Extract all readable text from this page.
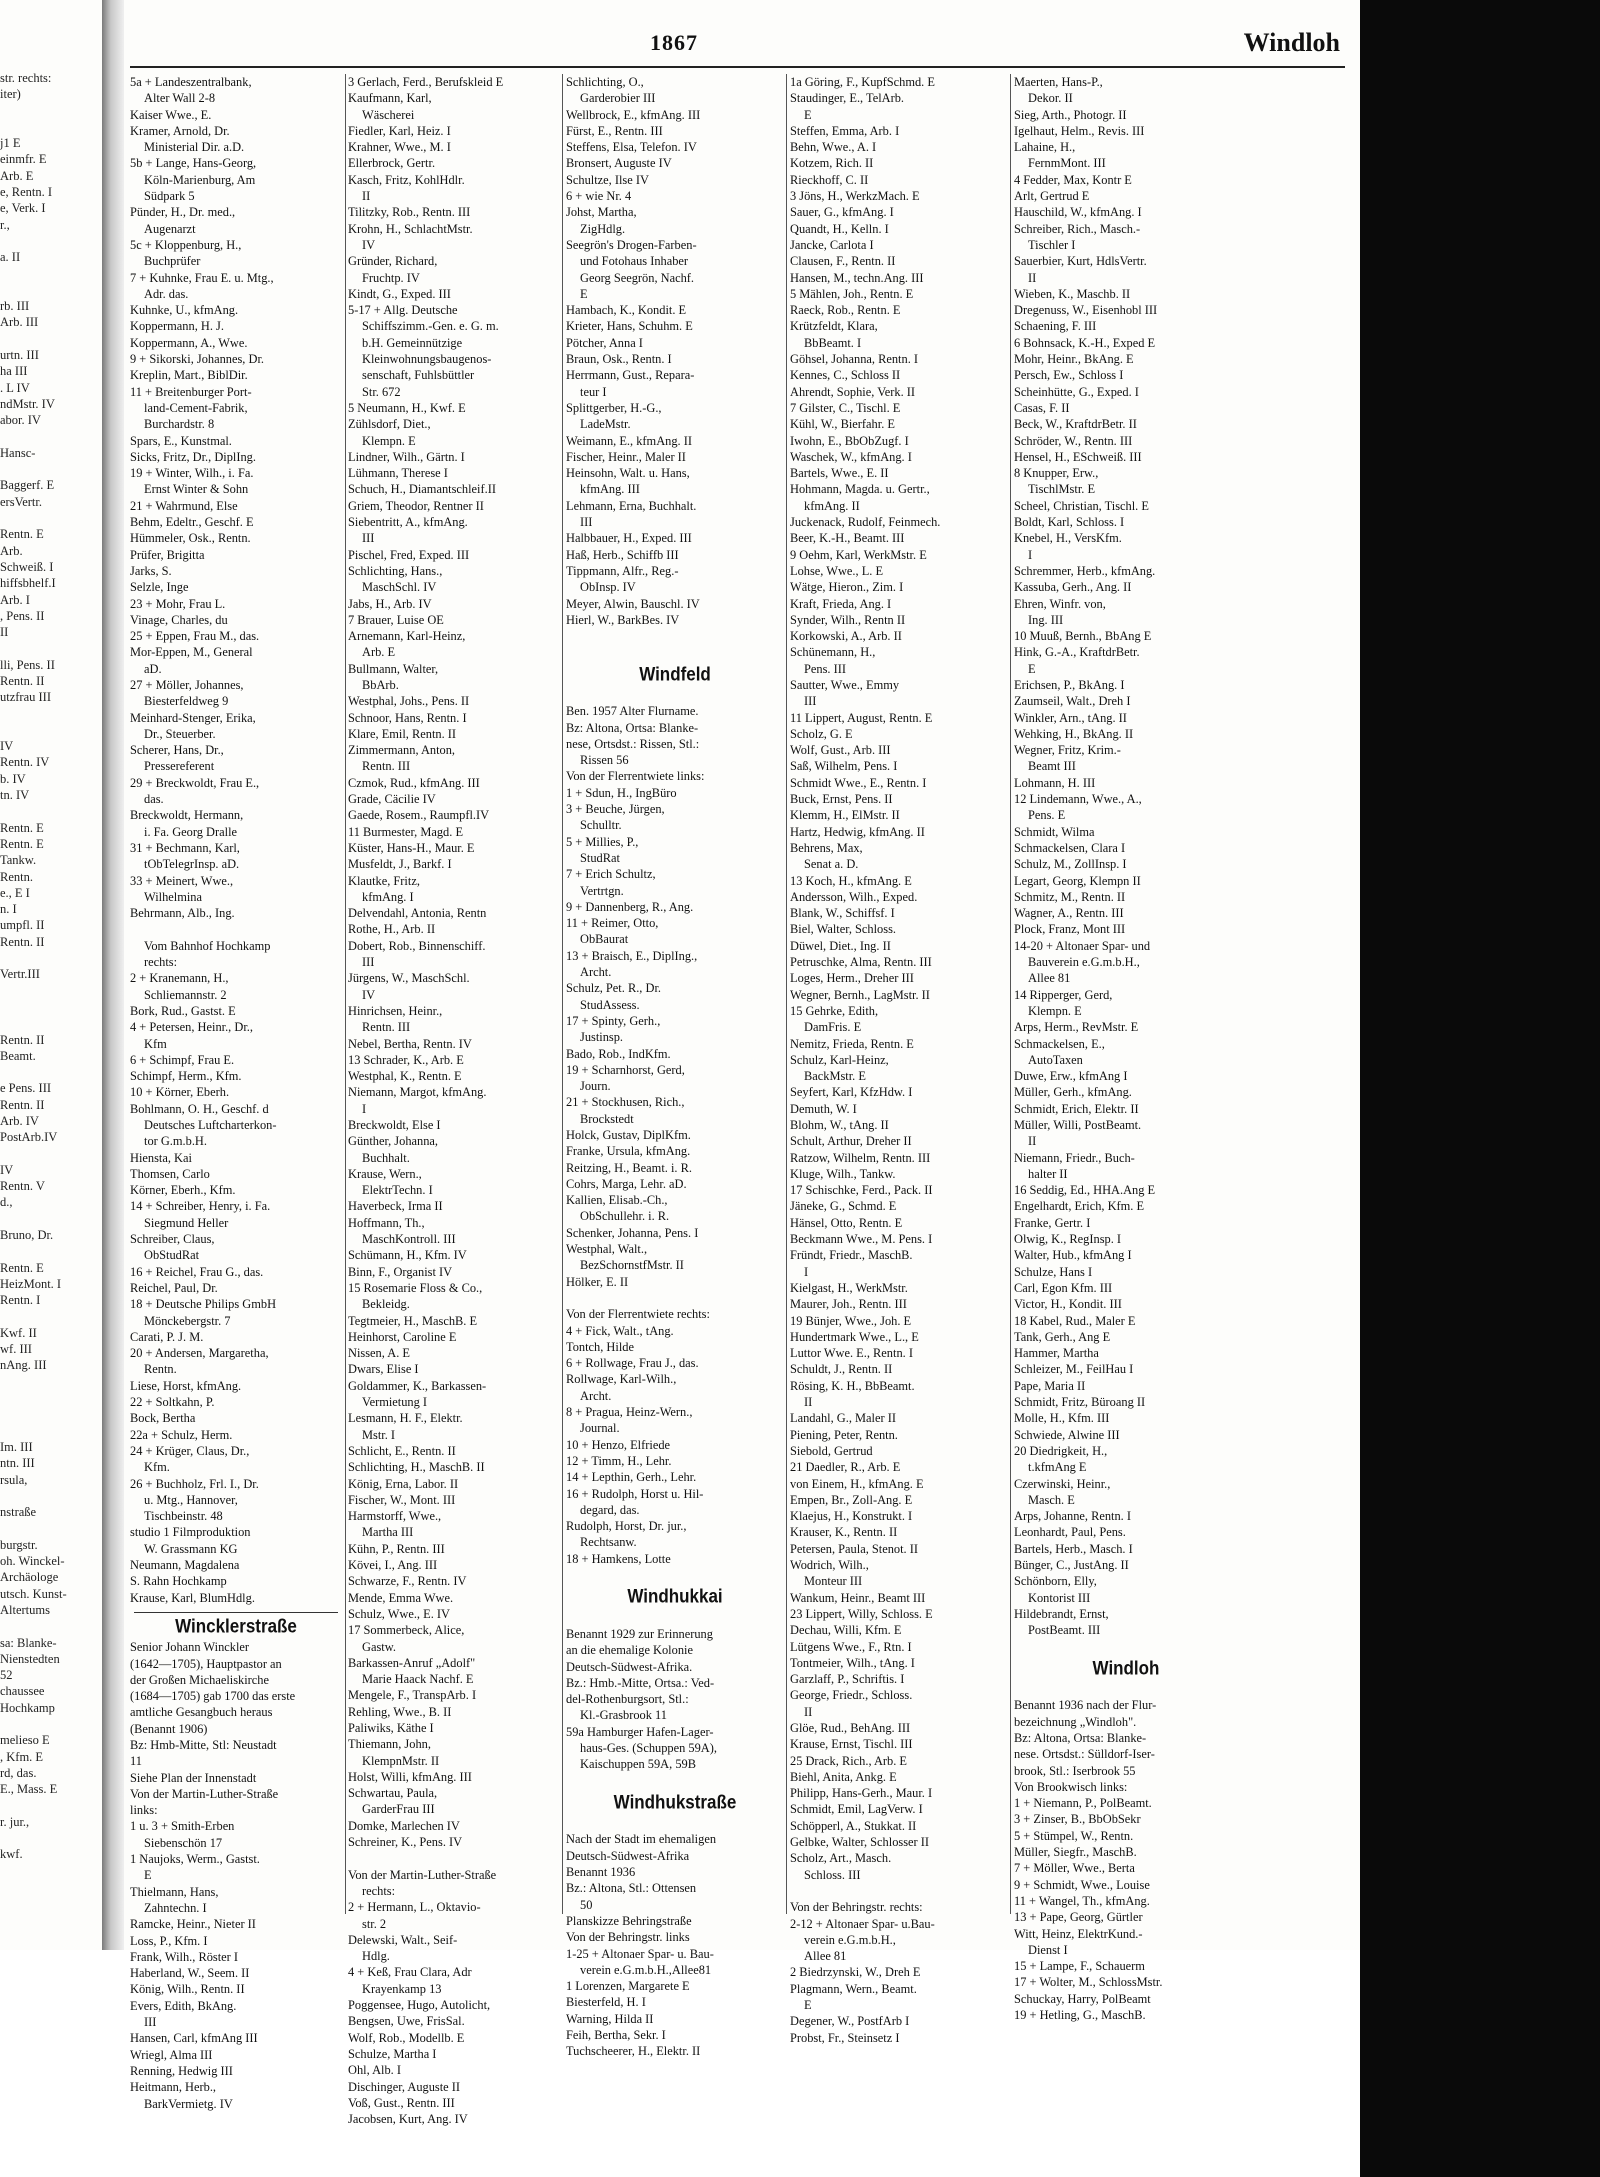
str. rechts:
iter)

j1 E
einmfr. E
Arb. E
e, Rentn. I
e, Verk. I
r.,

a. II

rb. III
Arb. III

urtn. III
ha III
. L IV
ndMstr. IV
abor. IV

Hansc-

Baggerf. E
ersVertr.

Rentn. E
Arb.
Schweiß. I
hiffsbhelf.I
Arb. I
, Pens. II
II

lli, Pens. II
Rentn. II
utzfrau III

IV
Rentn. IV
b. IV
tn. IV

Rentn. E
Rentn. E
Tankw.
Rentn.
e., E I
n. I
umpfl. II
Rentn. II

Vertr.III

Rentn. II
Beamt.

e Pens. III
Rentn. II
Arb. IV
PostArb.IV

IV
Rentn. V
d.,

Bruno, Dr.

Rentn. E
HeizMont. I
Rentn. I

Kwf. II
wf. III
nAng. III

Im. III
ntn. III
rsula,

nstraße

burgstr.
oh. Winckel-
Archäologe
utsch. Kunst-
Altertums

sa: Blanke-
Nienstedten
52
chaussee
Hochkamp

melieso E
, Kfm. E
rd, das.
E., Mass. E

r. jur.,

kwf.
1867	Windloh
5a + Landeszentralbank,
Alter Wall 2-8
Kaiser Wwe., E.
Kramer, Arnold, Dr.
Ministerial Dir. a.D.
5b + Lange, Hans-Georg,
Köln-Marienburg, Am
Südpark 5
Pünder, H., Dr. med.,
Augenarzt
5c + Kloppenburg, H.,
Buchprüfer
7 + Kuhnke, Frau E. u. Mtg.,
Adr. das.
Kuhnke, U., kfmAng.
Koppermann, H. J.
Koppermann, A., Wwe.
9 + Sikorski, Johannes, Dr.
Kreplin, Mart., BiblDir.
11 + Breitenburger Port-
land-Cement-Fabrik,
Burchardstr. 8
Spars, E., Kunstmal.
Sicks, Fritz, Dr., DiplIng.
19 + Winter, Wilh., i. Fa.
Ernst Winter & Sohn
21 + Wahrmund, Else
Behm, Edeltr., Geschf. E
Hümmeler, Osk., Rentn.
Prüfer, Brigitta
Jarks, S.
Selzle, Inge
23 + Mohr, Frau L.
Vinage, Charles, du
25 + Eppen, Frau M., das.
Mor-Eppen, M., General
aD.
27 + Möller, Johannes,
Biesterfeldweg 9
Meinhard-Stenger, Erika,
Dr., Steuerber.
Scherer, Hans, Dr.,
Pressereferent
29 + Breckwoldt, Frau E.,
das.
Breckwoldt, Hermann,
i. Fa. Georg Dralle
31 + Bechmann, Karl,
tObTelegrInsp. aD.
33 + Meinert, Wwe.,
Wilhelmina
Behrmann, Alb., Ing.

Vom Bahnhof Hochkamp
rechts:
2 + Kranemann, H.,
Schliemannstr. 2
Bork, Rud., Gastst. E
4 + Petersen, Heinr., Dr.,
Kfm
6 + Schimpf, Frau E.
Schimpf, Herm., Kfm.
10 + Körner, Eberh.
Bohlmann, O. H., Geschf. d
Deutsches Luftcharterkon-
tor G.m.b.H.
Hiensta, Kai
Thomsen, Carlo
Körner, Eberh., Kfm.
14 + Schreiber, Henry, i. Fa.
Siegmund Heller
Schreiber, Claus,
ObStudRat
16 + Reichel, Frau G., das.
Reichel, Paul, Dr.
18 + Deutsche Philips GmbH
Mönckebergstr. 7
Carati, P. J. M.
20 + Andersen, Margaretha,
Rentn.
Liese, Horst, kfmAng.
22 + Soltkahn, P.
Bock, Bertha
22a + Schulz, Herm.
24 + Krüger, Claus, Dr.,
Kfm.
26 + Buchholz, Frl. I., Dr.
u. Mtg., Hannover,
Tischbeinstr. 48
studio 1 Filmproduktion
W. Grassmann KG
Neumann, Magdalena
S. Rahn Hochkamp
Krause, Karl, BlumHdlg.
Wincklerstraße
Senior Johann Winckler
(1642—1705), Hauptpastor an
der Großen Michaeliskirche
(1684—1705) gab 1700 das erste
amtliche Gesangbuch heraus
(Benannt 1906)
Bz: Hmb-Mitte, Stl: Neustadt
11
Siehe Plan der Innenstadt
Von der Martin-Luther-Straße
links:
1 u. 3 + Smith-Erben
Siebenschön 17
1 Naujoks, Werm., Gastst.
E
Thielmann, Hans,
Zahntechn. I
Ramcke, Heinr., Nieter II
Loss, P., Kfm. I
Frank, Wilh., Röster I
Haberland, W., Seem. II
König, Wilh., Rentn. II
Evers, Edith, BkAng.
III
Hansen, Carl, kfmAng III
Wriegl, Alma III
Renning, Hedwig III
Heitmann, Herb.,
BarkVermietg. IV
3 Gerlach, Ferd., Berufskleid E
Kaufmann, Karl,
Wäscherei
Fiedler, Karl, Heiz. I
Krahner, Wwe., M. I
Ellerbrock, Gertr.
Kasch, Fritz, KohlHdlr.
II
Tilitzky, Rob., Rentn. III
Krohn, H., SchlachtMstr.
IV
Gründer, Richard,
Fruchtp. IV
Kindt, G., Exped. III
5-17 + Allg. Deutsche
Schiffszimm.-Gen. e. G. m.
b.H. Gemeinnützige
Kleinwohnungsbaugenos-
senschaft, Fuhlsbüttler
Str. 672
5 Neumann, H., Kwf. E
Zühlsdorf, Diet.,
Klempn. E
Lindner, Wilh., Gärtn. I
Lühmann, Therese I
Schuch, H., Diamantschleif.II
Griem, Theodor, Rentner II
Siebentritt, A., kfmAng.
III
Pischel, Fred, Exped. III
Schlichting, Hans.,
MaschSchl. IV
Jabs, H., Arb. IV
7 Brauer, Luise OE
Arnemann, Karl-Heinz,
Arb. E
Bullmann, Walter,
BbArb.
Westphal, Johs., Pens. II
Schnoor, Hans, Rentn. I
Klare, Emil, Rentn. II
Zimmermann, Anton,
Rentn. III
Czmok, Rud., kfmAng. III
Grade, Cäcilie IV
Gaede, Rosem., Raumpfl.IV
11 Burmester, Magd. E
Küster, Hans-H., Maur. E
Musfeldt, J., Barkf. I
Klautke, Fritz,
kfmAng. I
Delvendahl, Antonia, Rentn
Rothe, H., Arb. II
Dobert, Rob., Binnenschiff.
III
Jürgens, W., MaschSchl.
IV
Hinrichsen, Heinr.,
Rentn. III
Nebel, Bertha, Rentn. IV
13 Schrader, K., Arb. E
Westphal, K., Rentn. E
Niemann, Margot, kfmAng.
I
Breckwoldt, Else I
Günther, Johanna,
Buchhalt.
Krause, Wern.,
ElektrTechn. I
Haverbeck, Irma II
Hoffmann, Th.,
MaschKontroll. III
Schümann, H., Kfm. IV
Binn, F., Organist IV
15 Rosemarie Floss & Co.,
Bekleidg.
Tegtmeier, H., MaschB. E
Heinhorst, Caroline E
Nissen, A. E
Dwars, Elise I
Goldammer, K., Barkassen-
Vermietung I
Lesmann, H. F., Elektr.
Mstr. I
Schlicht, E., Rentn. II
Schlichting, H., MaschB. II
König, Erna, Labor. II
Fischer, W., Mont. III
Harmstorff, Wwe.,
Martha III
Kühn, P., Rentn. III
Kövei, I., Ang. III
Schwarze, F., Rentn. IV
Mende, Emma Wwe.
Schulz, Wwe., E. IV
17 Sommerbeck, Alice,
Gastw.
Barkassen-Anruf „Adolf"
Marie Haack Nachf. E
Mengele, F., TranspArb. I
Rehling, Wwe., B. II
Paliwiks, Käthe I
Thiemann, John,
KlempnMstr. II
Holst, Willi, kfmAng. III
Schwartau, Paula,
GarderFrau III
Domke, Marlechen IV
Schreiner, K., Pens. IV

Von der Martin-Luther-Straße
rechts:
2 + Hermann, L., Oktavio-
str. 2
Delewski, Walt., Seif-
Hdlg.
4 + Keß, Frau Clara, Adr
Krayenkamp 13
Poggensee, Hugo, Autolicht,
Bengsen, Uwe, FrisSal.
Wolf, Rob., Modellb. E
Schulze, Martha I
Ohl, Alb. I
Dischinger, Auguste II
Voß, Gust., Rentn. III
Jacobsen, Kurt, Ang. IV
Schlichting, O.,
Garderobier III
Wellbrock, E., kfmAng. III
Fürst, E., Rentn. III
Steffens, Elsa, Telefon. IV
Bronsert, Auguste IV
Schultze, Ilse IV
6 + wie Nr. 4
Johst, Martha,
ZigHdlg.
Seegrön's Drogen-Farben-
und Fotohaus Inhaber
Georg Seegrön, Nachf.
E
Hambach, K., Kondit. E
Krieter, Hans, Schuhm. E
Pötcher, Anna I
Braun, Osk., Rentn. I
Herrmann, Gust., Repara-
teur I
Splittgerber, H.-G.,
LadeMstr.
Weimann, E., kfmAng. II
Fischer, Heinr., Maler II
Heinsohn, Walt. u. Hans,
kfmAng. III
Lehmann, Erna, Buchhalt.
III
Halbbauer, H., Exped. III
Haß, Herb., Schiffb III
Tippmann, Alfr., Reg.-
ObInsp. IV
Meyer, Alwin, Bauschl. IV
Hierl, W., BarkBes. IV

Windfeld

Ben. 1957 Alter Flurname.
Bz: Altona, Ortsa: Blanke-
nese, Ortsdst.: Rissen, Stl.:
Rissen 56
Von der Flerrentwiete links:
1 + Sdun, H., IngBüro
3 + Beuche, Jürgen,
Schulltr.
5 + Millies, P.,
StudRat
7 + Erich Schultz,
Vertrtgn.
9 + Dannenberg, R., Ang.
11 + Reimer, Otto,
ObBaurat
13 + Braisch, E., DiplIng.,
Archt.
Schulz, Pet. R., Dr.
StudAssess.
17 + Spinty, Gerh.,
Justinsp.
Bado, Rob., IndKfm.
19 + Scharnhorst, Gerd,
Journ.
21 + Stockhusen, Rich.,
Brockstedt
Holck, Gustav, DiplKfm.
Franke, Ursula, kfmAng.
Reitzing, H., Beamt. i. R.
Cohrs, Marga, Lehr. aD.
Kallien, Elisab.-Ch.,
ObSchullehr. i. R.
Schenker, Johanna, Pens. I
Westphal, Walt.,
BezSchornstfMstr. II
Hölker, E. II

Von der Flerrentwiete rechts:
4 + Fick, Walt., tAng.
Tontch, Hilde
6 + Rollwage, Frau J., das.
Rollwage, Karl-Wilh.,
Archt.
8 + Pragua, Heinz-Wern.,
Journal.
10 + Henzo, Elfriede
12 + Timm, H., Lehr.
14 + Lepthin, Gerh., Lehr.
16 + Rudolph, Horst u. Hil-
degard, das.
Rudolph, Horst, Dr. jur.,
Rechtsanw.
18 + Hamkens, Lotte

Windhukkai

Benannt 1929 zur Erinnerung
an die ehemalige Kolonie
Deutsch-Südwest-Afrika.
Bz.: Hmb.-Mitte, Ortsa.: Ved-
del-Rothenburgsort, Stl.:
Kl.-Grasbrook 11
59a Hamburger Hafen-Lager-
haus-Ges. (Schuppen 59A),
Kaischuppen 59A, 59B

Windhukstraße

Nach der Stadt im ehemaligen
Deutsch-Südwest-Afrika
Benannt 1936
Bz.: Altona, Stl.: Ottensen
50
Planskizze Behringstraße
Von der Behringstr. links
1-25 + Altonaer Spar- u. Bau-
verein e.G.m.b.H.,Allee81
1 Lorenzen, Margarete E
Biesterfeld, H. I
Warning, Hilda II
Feih, Bertha, Sekr. I
Tuchscheerer, H., Elektr. II
1a Göring, F., KupfSchmd. E
Staudinger, E., TelArb.
E
Steffen, Emma, Arb. I
Behn, Wwe., A. I
Kotzem, Rich. II
Rieckhoff, C. II
3 Jöns, H., WerkzMach. E
Sauer, G., kfmAng. I
Quandt, H., Kelln. I
Jancke, Carlota I
Clausen, F., Rentn. II
Hansen, M., techn.Ang. III
5 Mählen, Joh., Rentn. E
Raeck, Rob., Rentn. E
Krützfeldt, Klara,
BbBeamt. I
Göhsel, Johanna, Rentn. I
Kennes, C., Schloss II
Ahrendt, Sophie, Verk. II
7 Gilster, C., Tischl. E
Kühl, W., Bierfahr. E
Iwohn, E., BbObZugf. I
Waschek, W., kfmAng. I
Bartels, Wwe., E. II
Hohmann, Magda. u. Gertr.,
kfmAng. II
Juckenack, Rudolf, Feinmech.
Beer, K.-H., Beamt. III
9 Oehm, Karl, WerkMstr. E
Lohse, Wwe., L. E
Wätge, Hieron., Zim. I
Kraft, Frieda, Ang. I
Synder, Wilh., Rentn II
Korkowski, A., Arb. II
Schünemann, H.,
Pens. III
Sautter, Wwe., Emmy
III
11 Lippert, August, Rentn. E
Scholz, G. E
Wolf, Gust., Arb. III
Saß, Wilhelm, Pens. I
Schmidt Wwe., E., Rentn. I
Buck, Ernst, Pens. II
Klemm, H., ElMstr. II
Hartz, Hedwig, kfmAng. II
Behrens, Max,
Senat a. D.
13 Koch, H., kfmAng. E
Andersson, Wilh., Exped.
Blank, W., Schiffsf. I
Biel, Walter, Schloss.
Düwel, Diet., Ing. II
Petruschke, Alma, Rentn. III
Loges, Herm., Dreher III
Wegner, Bernh., LagMstr. II
15 Gehrke, Edith,
DamFris. E
Nemitz, Frieda, Rentn. E
Schulz, Karl-Heinz,
BackMstr. E
Seyfert, Karl, KfzHdw. I
Demuth, W. I
Blohm, W., tAng. II
Schult, Arthur, Dreher II
Ratzow, Wilhelm, Rentn. III
Kluge, Wilh., Tankw.
17 Schischke, Ferd., Pack. II
Jäneke, G., Schmd. E
Hänsel, Otto, Rentn. E
Beckmann Wwe., M. Pens. I
Fründt, Friedr., MaschB.
I
Kielgast, H., WerkMstr.
Maurer, Joh., Rentn. III
19 Bünjer, Wwe., Joh. E
Hundertmark Wwe., L., E
Luttor Wwe. E., Rentn. I
Schuldt, J., Rentn. II
Rösing, K. H., BbBeamt.
II
Landahl, G., Maler II
Piening, Peter, Rentn.
Siebold, Gertrud
21 Daedler, R., Arb. E
von Einem, H., kfmAng. E
Empen, Br., Zoll-Ang. E
Klaejus, H., Konstrukt. I
Krauser, K., Rentn. II
Petersen, Paula, Stenot. II
Wodrich, Wilh.,
Monteur III
Wankum, Heinr., Beamt III
23 Lippert, Willy, Schloss. E
Dechau, Willi, Kfm. E
Lütgens Wwe., F., Rtn. I
Tontmeier, Wilh., tAng. I
Garzlaff, P., Schriftis. I
George, Friedr., Schloss.
II
Glöe, Rud., BehAng. III
Krause, Ernst, Tischl. III
25 Drack, Rich., Arb. E
Biehl, Anita, Ankg. E
Philipp, Hans-Gerh., Maur. I
Schmidt, Emil, LagVerw. I
Schöpperl, A., Stukkat. II
Gelbke, Walter, Schlosser II
Scholz, Art., Masch.
Schloss. III

Von der Behringstr. rechts:
2-12 + Altonaer Spar- u.Bau-
verein e.G.m.b.H.,
Allee 81
2 Biedrzynski, W., Dreh E
Plagmann, Wern., Beamt.
E
Degener, W., PostfArb I
Probst, Fr., Steinsetz I
Maerten, Hans-P.,
Dekor. II
Sieg, Arth., Photogr. II
Igelhaut, Helm., Revis. III
Lahaine, H.,
FernmMont. III
4 Fedder, Max, Kontr E
Arlt, Gertrud E
Hauschild, W., kfmAng. I
Schreiber, Rich., Masch.-
Tischler I
Sauerbier, Kurt, HdlsVertr.
II
Wieben, K., Maschb. II
Dregenuss, W., Eisenhobl III
Schaening, F. III
6 Bohnsack, K.-H., Exped E
Mohr, Heinr., BkAng. E
Persch, Ew., Schloss I
Scheinhütte, G., Exped. I
Casas, F. II
Beck, W., KraftdrBetr. II
Schröder, W., Rentn. III
Hensel, H., ESchweiß. III
8 Knupper, Erw.,
TischlMstr. E
Scheel, Christian, Tischl. E
Boldt, Karl, Schloss. I
Knebel, H., VersKfm.
I
Schremmer, Herb., kfmAng.
Kassuba, Gerh., Ang. II
Ehren, Winfr. von,
Ing. III
10 Muuß, Bernh., BbAng E
Hink, G.-A., KraftdrBetr.
E
Erichsen, P., BkAng. I
Zaumseil, Walt., Dreh I
Winkler, Arn., tAng. II
Wehking, H., BkAng. II
Wegner, Fritz, Krim.-
Beamt III
Lohmann, H. III
12 Lindemann, Wwe., A.,
Pens. E
Schmidt, Wilma
Schmackelsen, Clara I
Schulz, M., ZollInsp. I
Legart, Georg, Klempn II
Schmitz, M., Rentn. II
Wagner, A., Rentn. III
Plock, Franz, Mont III
14-20 + Altonaer Spar- und
Bauverein e.G.m.b.H.,
Allee 81
14 Ripperger, Gerd,
Klempn. E
Arps, Herm., RevMstr. E
Schmackelsen, E.,
AutoTaxen
Duwe, Erw., kfmAng I
Müller, Gerh., kfmAng.
Schmidt, Erich, Elektr. II
Müller, Willi, PostBeamt.
II
Niemann, Friedr., Buch-
halter II
16 Seddig, Ed., HHA.Ang E
Engelhardt, Erich, Kfm. E
Franke, Gertr. I
Olwig, K., RegInsp. I
Walter, Hub., kfmAng I
Schulze, Hans I
Carl, Egon Kfm. III
Victor, H., Kondit. III
18 Kabel, Rud., Maler E
Tank, Gerh., Ang E
Hammer, Martha
Schleizer, M., FeilHau I
Pape, Maria II
Schmidt, Fritz, Büroang II
Molle, H., Kfm. III
Schwiede, Alwine III
20 Diedrigkeit, H.,
t.kfmAng E
Czerwinski, Heinr.,
Masch. E
Arps, Johanne, Rentn. I
Leonhardt, Paul, Pens.
Bartels, Herb., Masch. I
Bünger, C., JustAng. II
Schönborn, Elly,
Kontorist III
Hildebrandt, Ernst,
PostBeamt. III

Windloh

Benannt 1936 nach der Flur-
bezeichnung „Windloh".
Bz: Altona, Ortsa: Blanke-
nese. Ortsdst.: Sülldorf-Iser-
brook, Stl.: Iserbrook 55
Von Brookwisch links:
1 + Niemann, P., PolBeamt.
3 + Zinser, B., BbObSekr
5 + Stümpel, W., Rentn.
Müller, Siegfr., MaschB.
7 + Möller, Wwe., Berta
9 + Schmidt, Wwe., Louise
11 + Wangel, Th., kfmAng.
13 + Pape, Georg, Gürtler
Witt, Heinz, ElektrKund.-
Dienst I
15 + Lampe, F., Schauerm
17 + Wolter, M., SchlossMstr.
Schuckay, Harry, PolBeamt
19 + Hetling, G., MaschB.
